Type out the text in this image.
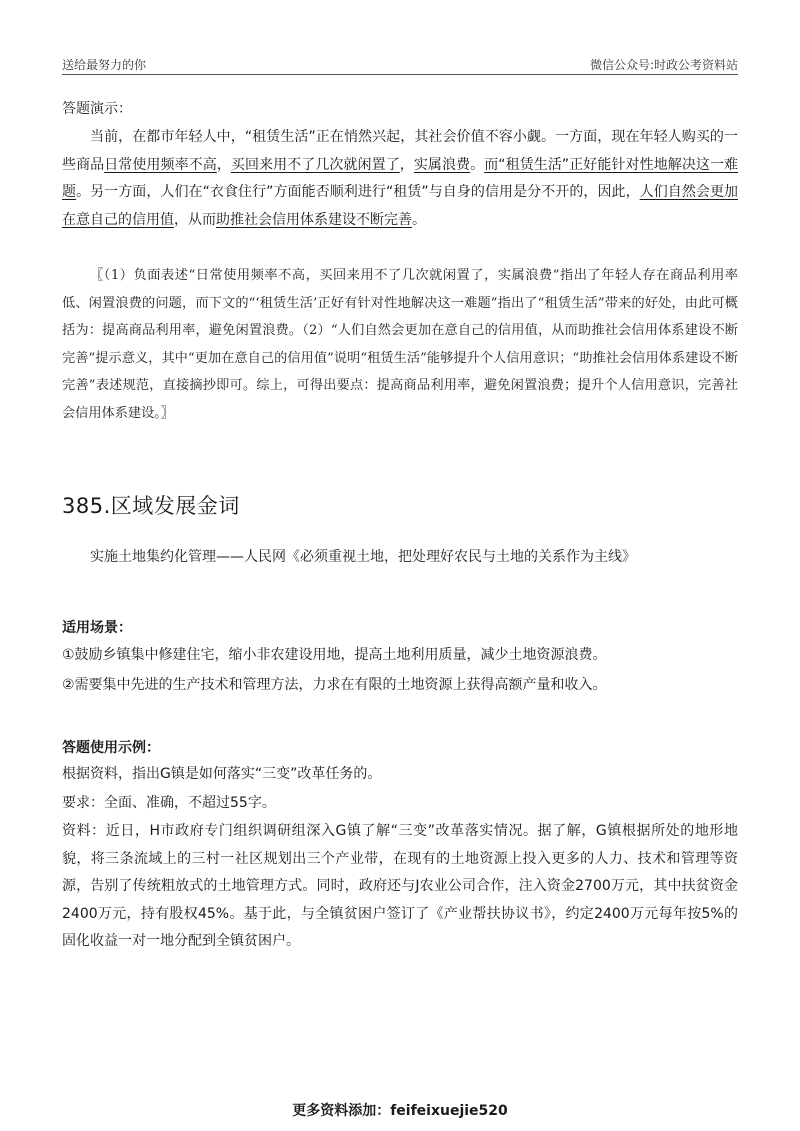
送给最努力的你	微信公众号:时政公考资料站

答题演示：

当前，在都市年轻人中，“租赁生活”正在悄然兴起，其社会价值不容小觑。一方面，现在年轻人购买的一些商品日常使用频率不高，买回来用不了几次就闲置了，实属浪费。而“租赁生活”正好能针对性地解决这一难题。另一方面，人们在“衣食住行”方面能否顺利进行“租赁”与自身的信用是分不开的，因此，人们自然会更加在意自己的信用值，从而助推社会信用体系建设不断完善。

〖（1）负面表述“日常使用频率不高，买回来用不了几次就闲置了，实属浪费”指出了年轻人存在商品利用率低、闲置浪费的问题，而下文的“‘租赁生活’正好有针对性地解决这一难题”指出了“租赁生活”带来的好处，由此可概括为：提高商品利用率，避免闲置浪费。（2）“人们自然会更加在意自己的信用值，从而助推社会信用体系建设不断完善”提示意义，其中“更加在意自己的信用值”说明“租赁生活”能够提升个人信用意识；“助推社会信用体系建设不断完善”表述规范，直接摘抄即可。综上，可得出要点：提高商品利用率，避免闲置浪费；提升个人信用意识，完善社会信用体系建设。〗

385.区域发展金词

实施土地集约化管理——人民网《必须重视土地，把处理好农民与土地的关系作为主线》

适用场景：

①鼓励乡镇集中修建住宅，缩小非农建设用地，提高土地利用质量，减少土地资源浪费。

②需要集中先进的生产技术和管理方法，力求在有限的土地资源上获得高额产量和收入。

答题使用示例：

根据资料，指出G镇是如何落实“三变”改革任务的。

要求：全面、准确，不超过55字。

资料：近日，H市政府专门组织调研组深入G镇了解“三变”改革落实情况。据了解，G镇根据所处的地形地貌，将三条流域上的三村一社区规划出三个产业带，在现有的土地资源上投入更多的人力、技术和管理等资源，告别了传统粗放式的土地管理方式。同时，政府还与J农业公司合作，注入资金2700万元，其中扶贫资金2400万元，持有股权45%。基于此，与全镇贫困户签订了《产业帮扶协议书》，约定2400万元每年按5%的固化收益一对一地分配到全镇贫困户。

更多资料添加：feifeixuejie520
